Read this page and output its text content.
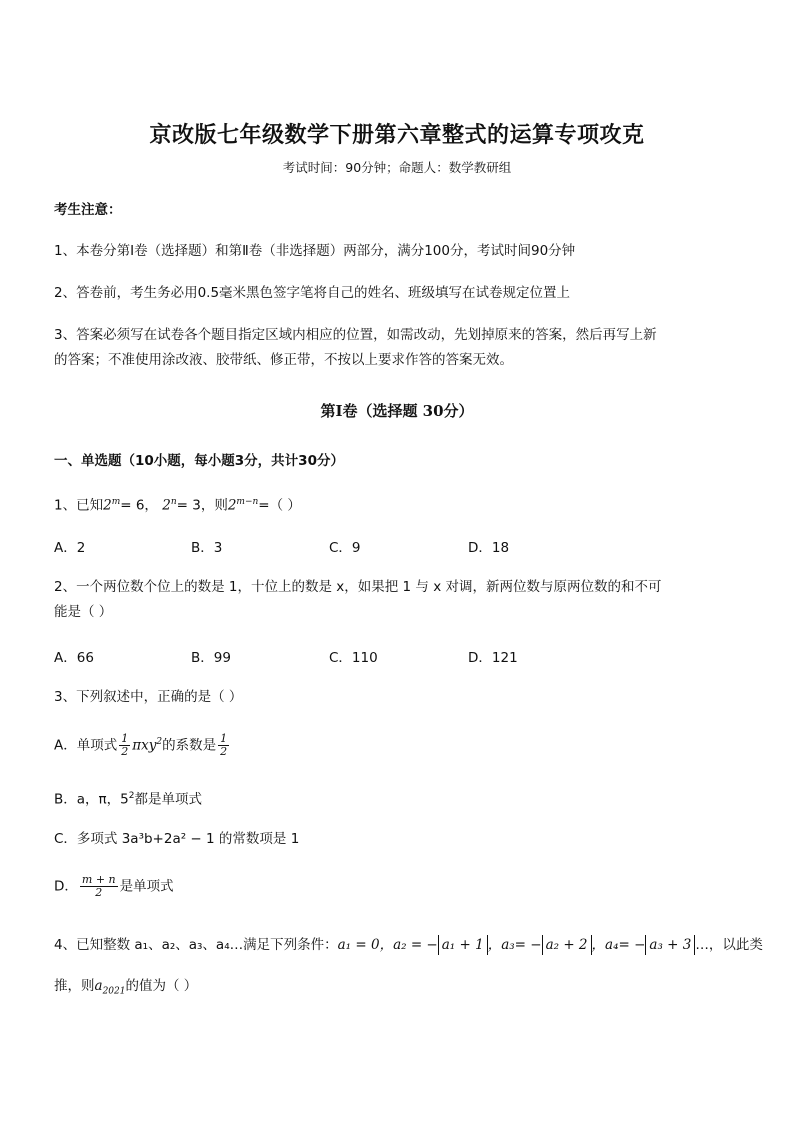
京改版七年级数学下册第六章整式的运算专项攻克
考试时间：90分钟；命题人：数学教研组
考生注意：
1、本卷分第Ⅰ卷（选择题）和第Ⅱ卷（非选择题）两部分，满分100分，考试时间90分钟
2、答卷前，考生务必用0.5毫米黑色签字笔将自己的姓名、班级填写在试卷规定位置上
3、答案必须写在试卷各个题目指定区域内相应的位置，如需改动，先划掉原来的答案，然后再写上新
的答案；不准使用涂改液、胶带纸、修正带，不按以上要求作答的答案无效。
第Ⅰ卷（选择题 30分）
一、单选题（10小题，每小题3分，共计30分）
1、已知$2^m= 6$， $2^n= 3$，则$2^{m-n}=$（ ）
A．2	B．3	C．9	D．18
2、一个两位数个位上的数是 1，十位上的数是 x，如果把 1 与 x 对调，新两位数与原两位数的和不可
能是（ ）
A．66	B．99	C．110	D．121
3、下列叙述中，正确的是（ ）
A．单项式 $\frac{1}{2} \pi xy^2$的系数是 $\frac{1}{2}$
B．a，π，$5^2$都是单项式
C．多项式 3a³b+2a² − 1 的常数项是 1
D． $\frac{m + n}{2}$ 是单项式
4、已知整数 a₁、a₂、a₃、a₄…满足下列条件：a₁ = 0，a₂ = − a₁ + 1 ，a₃= − a₂ + 2 ，a₄= − a₃ + 3 …，以此类
推，则$a_{2021}$的值为（ ）
